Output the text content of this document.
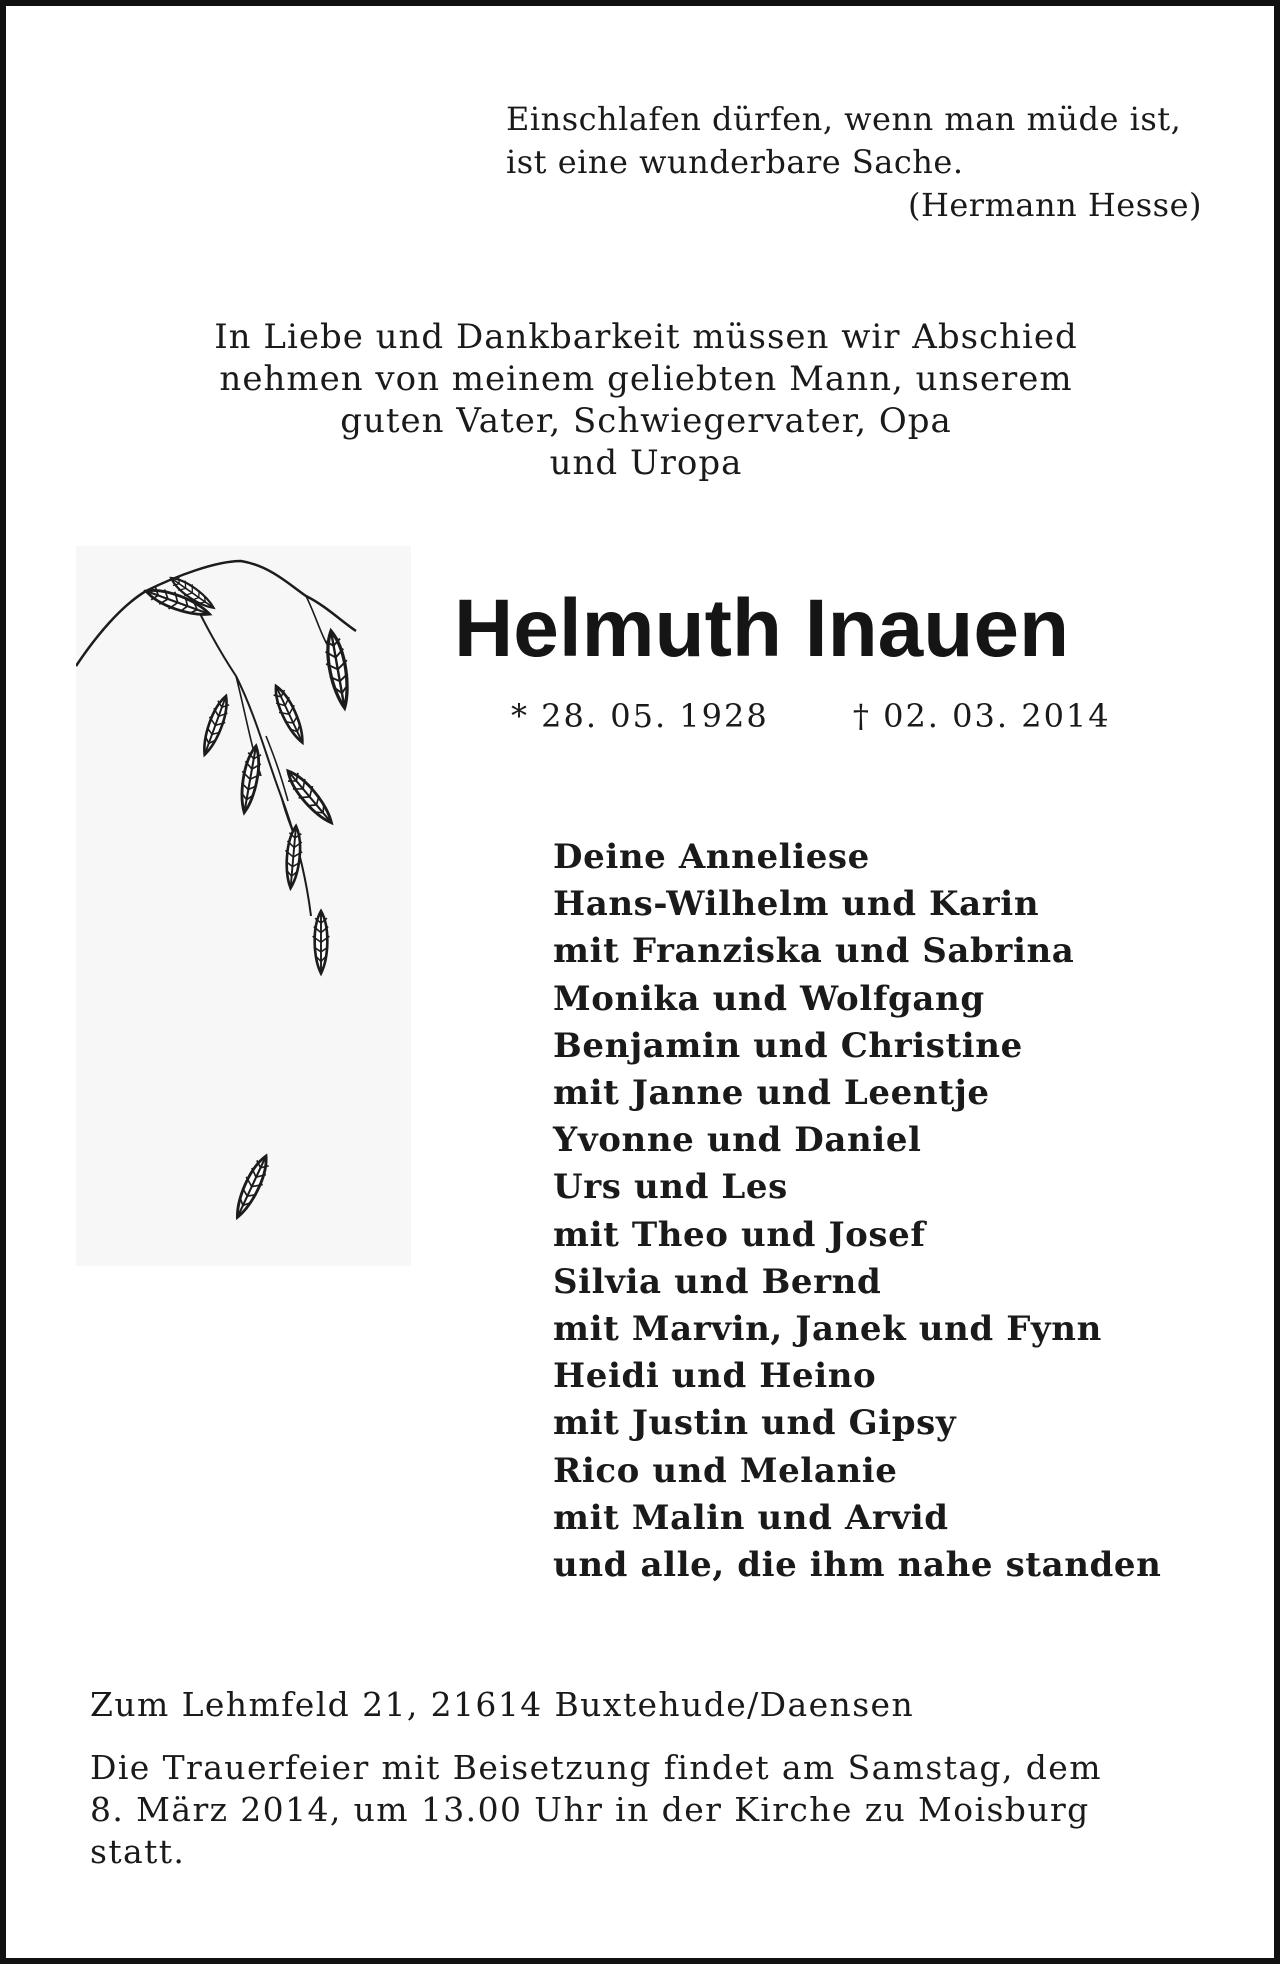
Einschlafen dürfen, wenn man müde ist,
ist eine wunderbare Sache.
(Hermann Hesse)
In Liebe und Dankbarkeit müssen wir Abschied
nehmen von meinem geliebten Mann, unserem
guten Vater, Schwiegervater, Opa
und Uropa
Helmuth Inauen
* 28. 05. 1928	† 02. 03. 2014
Deine Anneliese
Hans-Wilhelm und Karin
mit Franziska und Sabrina
Monika und Wolfgang
Benjamin und Christine
mit Janne und Leentje
Yvonne und Daniel
Urs und Les
mit Theo und Josef
Silvia und Bernd
mit Marvin, Janek und Fynn
Heidi und Heino
mit Justin und Gipsy
Rico und Melanie
mit Malin und Arvid
und alle, die ihm nahe standen
Zum Lehmfeld 21, 21614 Buxtehude/Daensen
Die Trauerfeier mit Beisetzung findet am Samstag, dem
8. März 2014, um 13.00 Uhr in der Kirche zu Moisburg
statt.
